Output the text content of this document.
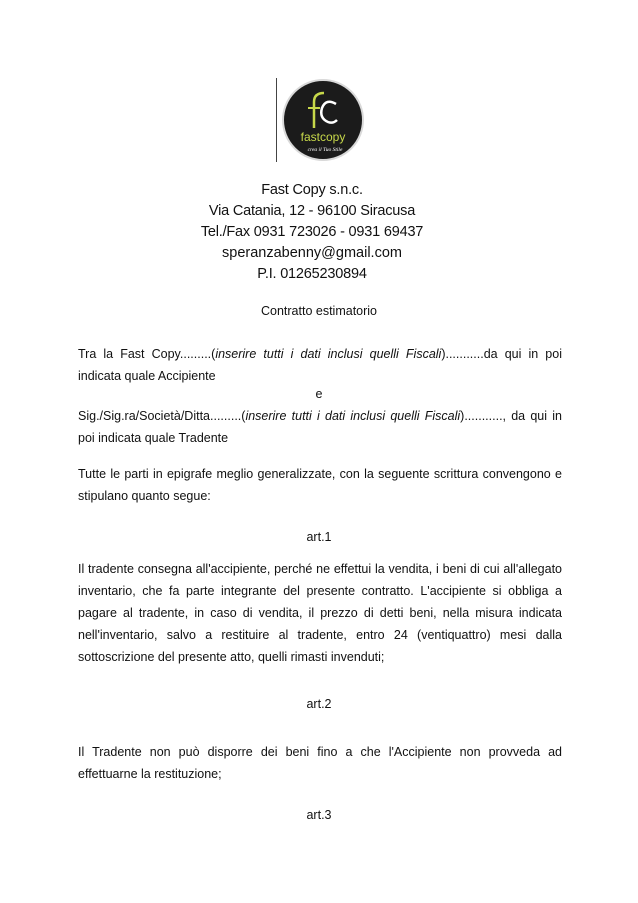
fastcopy
crea il Tuo Stile
Fast Copy s.n.c.
Via Catania, 12 - 96100 Siracusa
Tel./Fax 0931 723026 - 0931 69437
speranzabenny@gmail.com
P.I. 01265230894
Contratto estimatorio
Tra la Fast Copy.........(inserire tutti i dati inclusi quelli Fiscali)...........da qui in poi indicata quale Accipiente
e
Sig./Sig.ra/Società/Ditta.........(inserire tutti i dati inclusi quelli Fiscali)..........., da qui in poi indicata quale Tradente
Tutte le parti in epigrafe meglio generalizzate, con la seguente scrittura convengono e stipulano quanto segue:
art.1
Il tradente consegna all'accipiente, perché ne effettui la vendita, i beni di cui all'allegato inventario, che fa parte integrante del presente contratto. L'accipiente si obbliga a pagare al tradente, in caso di vendita, il prezzo di detti beni, nella misura indicata nell'inventario, salvo a restituire al tradente, entro 24 (ventiquattro) mesi dalla sottoscrizione del presente atto, quelli rimasti invenduti;
art.2
Il Tradente non può disporre dei beni fino a che l'Accipiente non provveda ad effettuarne la restituzione;
art.3
